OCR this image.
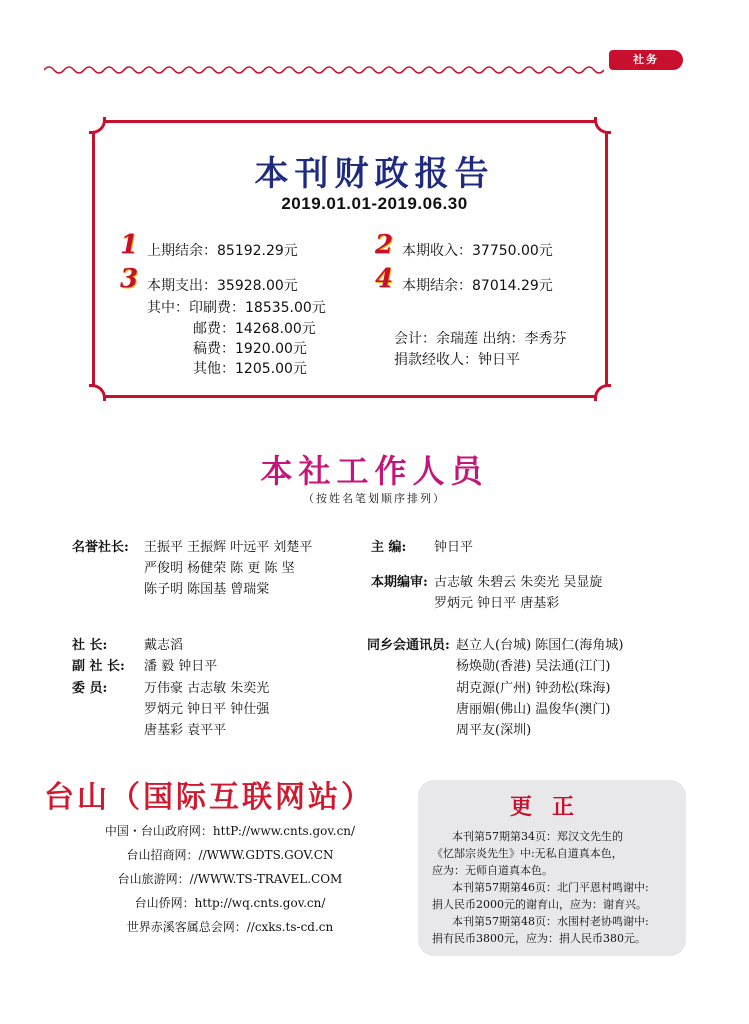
社务
本刊财政报告
2019.01.01-2019.06.30
1 上期结余：85192.29元	2 本期收入：37750.00元
3 本期支出：35928.00元	4 本期结余：87014.29元
其中：印刷费：18535.00元
邮费：14268.00元
稿费：1920.00元
其他：1205.00元
会计：余瑞莲 出纳：李秀芬
捐款经收人：钟日平
本社工作人员
（按姓名笔划顺序排列）
名誉社长: 王振平 王振辉 叶远平 刘楚平
严俊明 杨健荣 陈 更 陈 坚
陈子明 陈国基 曾瑞棠
主 编: 钟日平
本期编审: 古志敏 朱碧云 朱奕光 吴显旋
罗炳元 钟日平 唐基彩
社 长:	戴志滔
副 社 长: 潘 毅 钟日平
委 员:	万伟豪 古志敏 朱奕光
罗炳元 钟日平 钟仕强
唐基彩 袁平平
同乡会通讯员: 赵立人(台城) 陈国仁(海角城)
杨焕勋(香港) 吴法通(江门)
胡克源(广州) 钟劲松(珠海)
唐丽媚(佛山) 温俊华(澳门)
周平友(深圳)
台山（国际互联网站）
中国・台山政府网：httP://www.cnts.gov.cn/
台山招商网：//WWW.GDTS.GOV.CN
台山旅游网：//WWW.TS-TRAVEL.COM
台山侨网：http://wq.cnts.gov.cn/
世界赤溪客属总会网：//cxks.ts-cd.cn
更正
本刊第57期第34页：郑汉文先生的
《忆郜宗炎先生》中:无私自道真本色，
应为：无师自道真本色。
本刊第57期第46页：北门平恩村鸣谢中:
捐人民币2000元的谢育山，应为：谢育兴。
本刊第57期第48页：水围村老协鸣谢中:
捐有民币3800元，应为：捐人民币380元。
